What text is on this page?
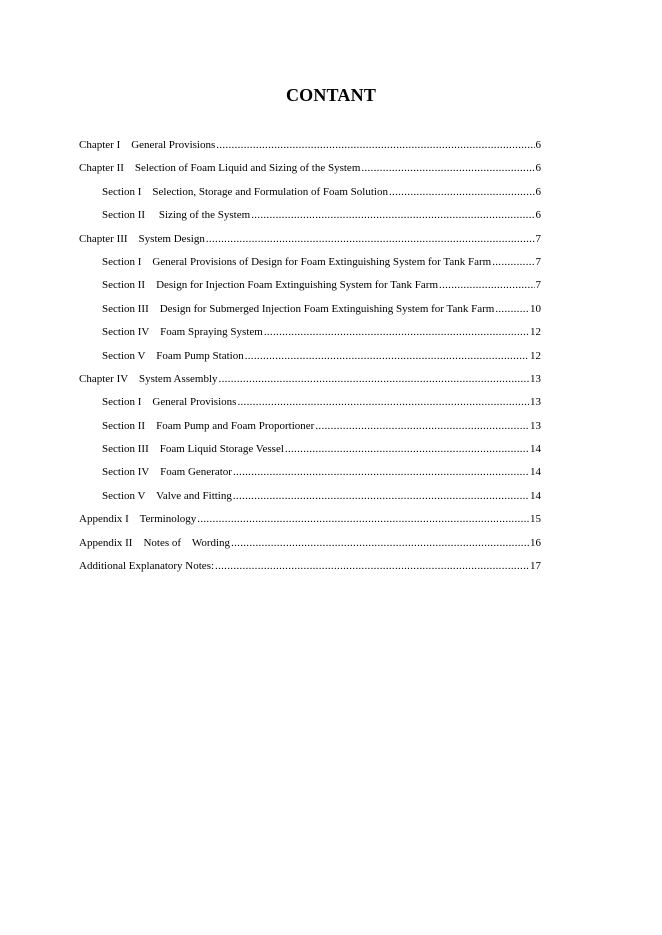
CONTANT
Chapter I    General Provisions .....	6
Chapter II    Selection of Foam Liquid and Sizing of the System .....	6
Section I    Selection, Storage and Formulation of Foam Solution .....	6
Section II     Sizing of the System .....	6
Chapter III    System Design .....	7
Section I    General Provisions of Design for Foam Extinguishing System for Tank Farm .....	7
Section II    Design for Injection Foam Extinguishing System for Tank Farm .....	7
Section III    Design for Submerged Injection Foam Extinguishing System for Tank Farm .....	10
Section IV    Foam Spraying System .....	12
Section V    Foam Pump Station .....	12
Chapter IV    System Assembly .....	13
Section I    General Provisions .....	13
Section II    Foam Pump and Foam Proportioner .....	13
Section III    Foam Liquid Storage Vessel .....	14
Section IV    Foam Generator .....	14
Section V    Valve and Fitting .....	14
Appendix I    Terminology .....	15
Appendix II    Notes of    Wording .....	16
Additional Explanatory Notes: .....	17
